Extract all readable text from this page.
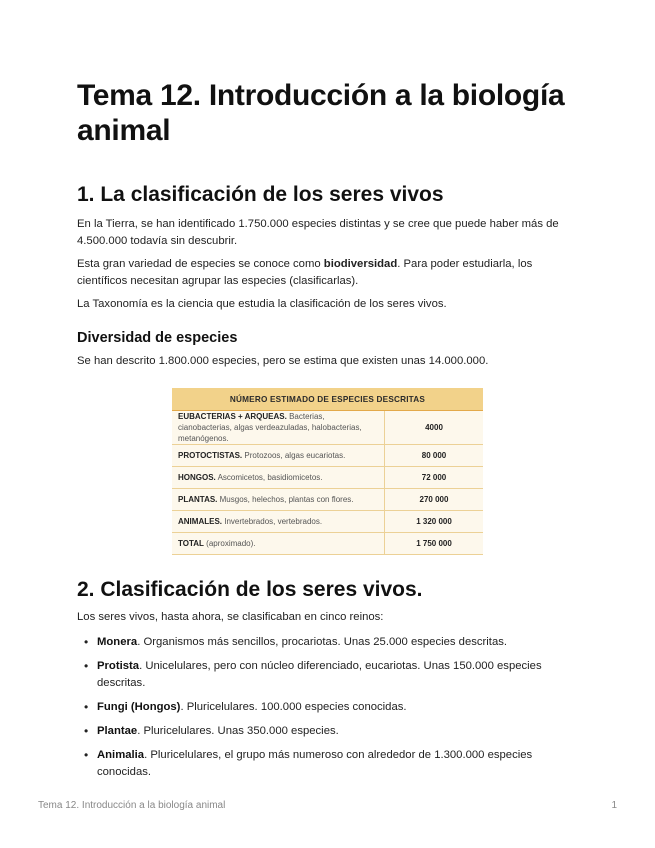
Tema 12. Introducción a la biología animal
1. La clasificación de los seres vivos

En la Tierra, se han identificado 1.750.000 especies distintas y se cree que puede haber más de 4.500.000 todavía sin descubrir.

Esta gran variedad de especies se conoce como biodiversidad. Para poder estudiarla, los científicos necesitan agrupar las especies (clasificarlas).

La Taxonomía es la ciencia que estudia la clasificación de los seres vivos.

Diversidad de especies

Se han descrito 1.800.000 especies, pero se estima que existen unas 14.000.000.

NÚMERO ESTIMADO DE ESPECIES DESCRITAS	
EUBACTERIAS + ARQUEAS. Bacterias, cianobacterias, algas verdeazuladas, halobacterias, metanógenos.	4000
PROTOCTISTAS. Protozoos, algas eucariotas.	80 000
HONGOS. Ascomicetos, basidiomicetos.	72 000
PLANTAS. Musgos, helechos, plantas con flores.	270 000
ANIMALES. Invertebrados, vertebrados.	1 320 000
TOTAL (aproximado).	1 750 000
2. Clasificación de los seres vivos.

Los seres vivos, hasta ahora, se clasificaban en cinco reinos:

• Monera. Organismos más sencillos, procariotas. Unas 25.000 especies descritas.
• Protista. Unicelulares, pero con núcleo diferenciado, eucariotas. Unas 150.000 especies descritas.
• Fungi (Hongos). Pluricelulares. 100.000 especies conocidas.
• Plantae. Pluricelulares. Unas 350.000 especies.
• Animalia. Pluricelulares, el grupo más numeroso con alrededor de 1.300.000 especies conocidas.
Tema 12. Introducción a la biología animal	1
